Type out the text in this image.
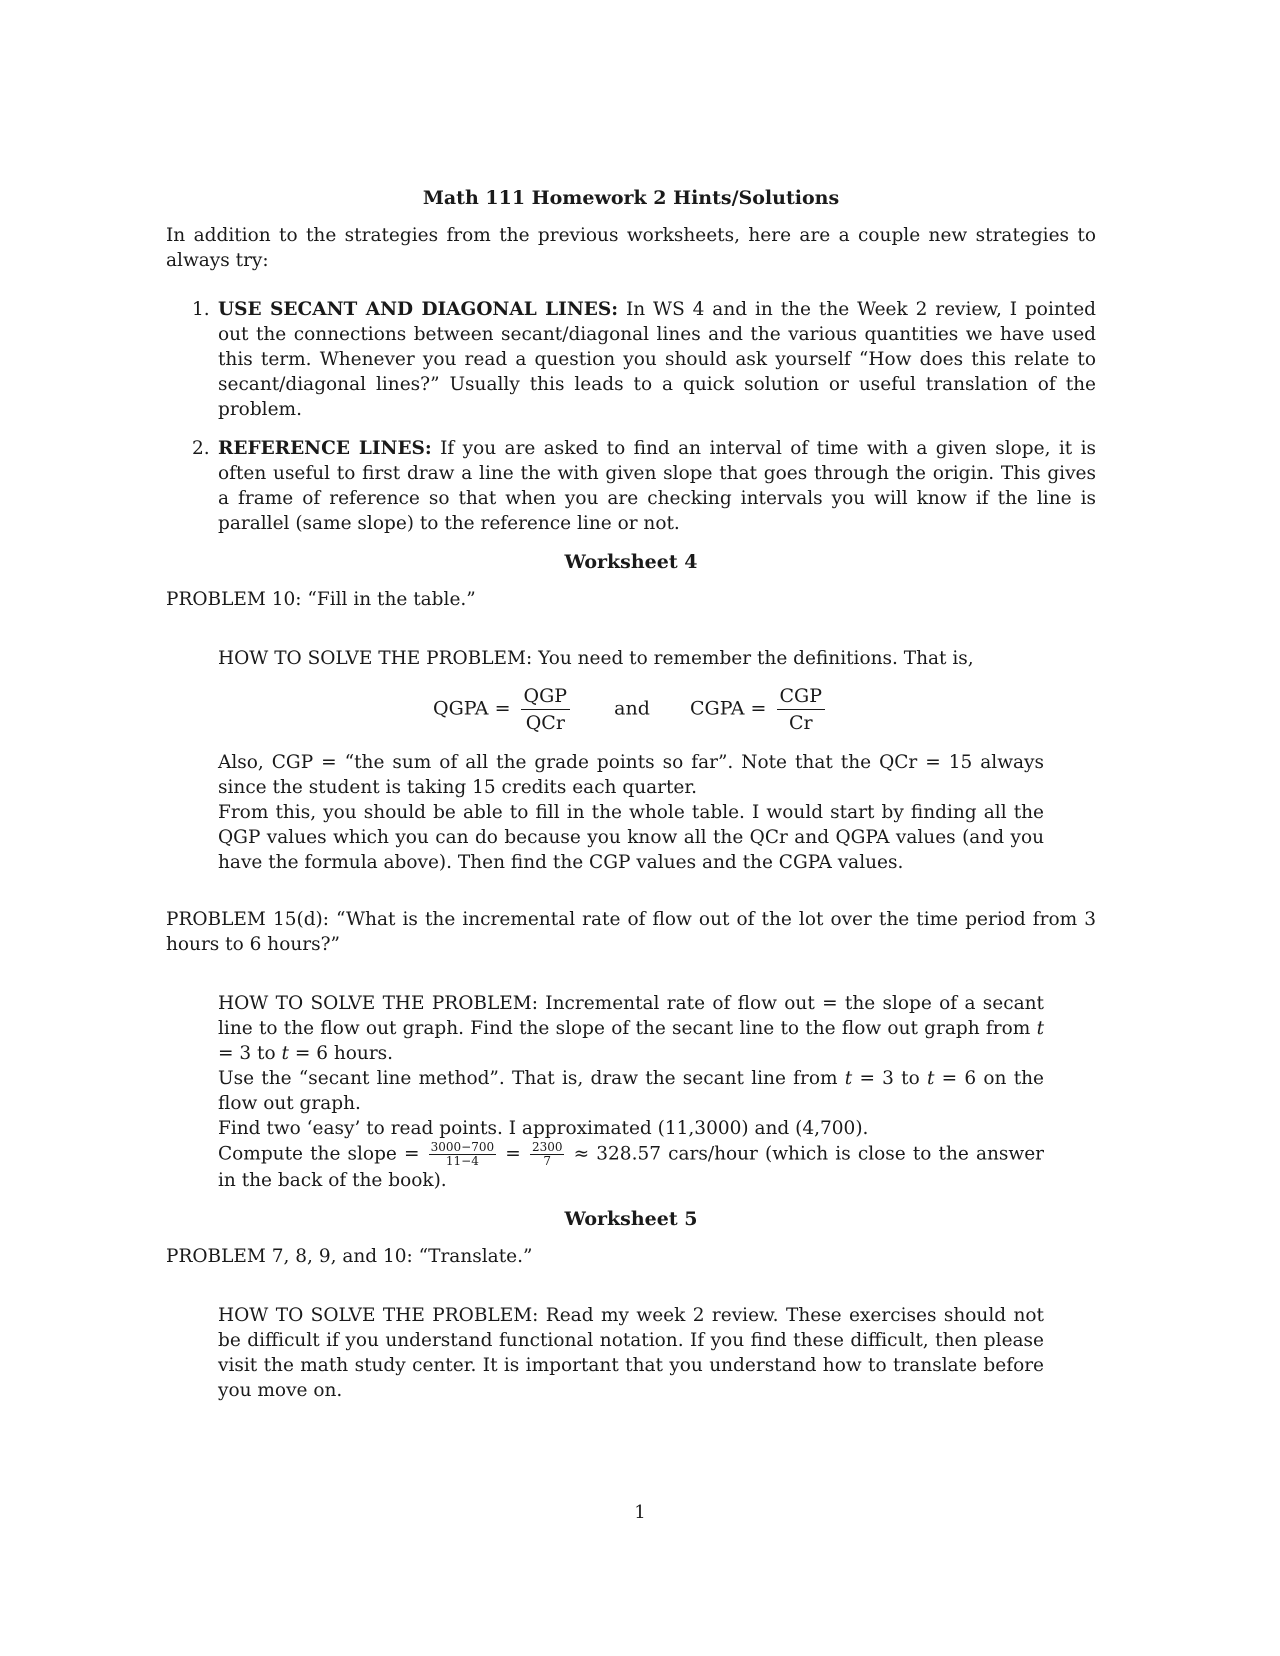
Math 111 Homework 2 Hints/Solutions

In addition to the strategies from the previous worksheets, here are a couple new strategies to always try:

1. USE SECANT AND DIAGONAL LINES: In WS 4 and in the the Week 2 review, I pointed out the connections between secant/diagonal lines and the various quantities we have used this term. Whenever you read a question you should ask yourself “How does this relate to secant/diagonal lines?” Usually this leads to a quick solution or useful translation of the problem.
2. REFERENCE LINES: If you are asked to find an interval of time with a given slope, it is often useful to first draw a line the with given slope that goes through the origin. This gives a frame of reference so that when you are checking intervals you will know if the line is parallel (same slope) to the reference line or not.
Worksheet 4

PROBLEM 10: “Fill in the table.”

HOW TO SOLVE THE PROBLEM: You need to remember the definitions. That is,

QGPA = $\frac{\text{QGP}}{\text{QCr}}$ and CGPA = $\frac{\text{CGP}}{Cr}$

Also, CGP = “the sum of all the grade points so far”. Note that the QCr = 15 always since the student is taking 15 credits each quarter.

From this, you should be able to fill in the whole table. I would start by finding all the QGP values which you can do because you know all the QCr and QGPA values (and you have the formula above). Then find the CGP values and the CGPA values.

PROBLEM 15(d): “What is the incremental rate of flow out of the lot over the time period from 3 hours to 6 hours?”

HOW TO SOLVE THE PROBLEM: Incremental rate of flow out = the slope of a secant line to the flow out graph. Find the slope of the secant line to the flow out graph from t = 3 to t = 6 hours.

Use the “secant line method”. That is, draw the secant line from t = 3 to t = 6 on the flow out graph.

Find two ‘easy’ to read points. I approximated (11,3000) and (4,700).

Compute the slope = $\frac{3000-700}{11-4} = \frac{2300}{7} \approx 328.57$ cars/hour (which is close to the answer in the back of the book).

Worksheet 5

PROBLEM 7, 8, 9, and 10: “Translate.”

HOW TO SOLVE THE PROBLEM: Read my week 2 review. These exercises should not be difficult if you understand functional notation. If you find these difficult, then please visit the math study center. It is important that you understand how to translate before you move on.

1
